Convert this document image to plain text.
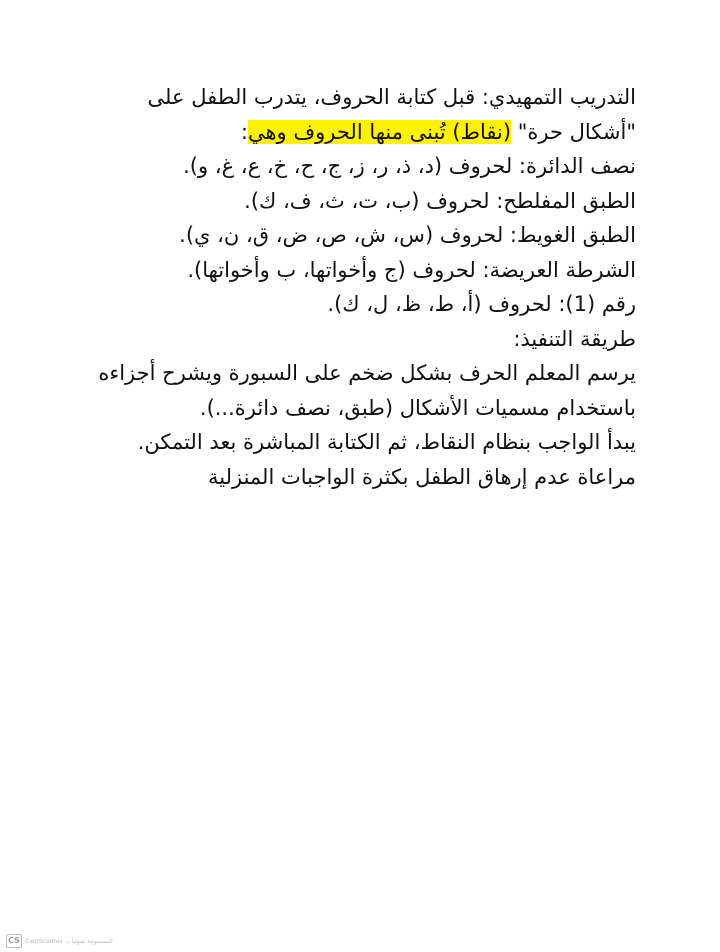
التدريب التمهيدي: قبل كتابة الحروف، يتدرب الطفل على
"أشكال حرة" (نقاط) تُبنى منها الحروف وهي:
نصف الدائرة: لحروف (د، ذ، ر، ز، ج، ح، خ، ع، غ، و).
الطبق المفلطح: لحروف (ب، ت، ث، ف، ك).
الطبق الغويط: لحروف (س، ش، ص، ض، ق، ن، ي).
الشرطة العريضة: لحروف (ج وأخواتها، ب وأخواتها).
رقم (1): لحروف (أ، ط، ظ، ل، ك).
طريقة التنفيذ:
يرسم المعلم الحرف بشكل ضخم على السبورة ويشرح أجزاءه
باستخدام مسميات الأشكال (طبق، نصف دائرة...).
يبدأ الواجب بنظام النقاط، ثم الكتابة المباشرة بعد التمكن.
مراعاة عدم إرهاق الطفل بكثرة الواجبات المنزلية
CS CamScanner الممسوحة ضوئيا بـ
